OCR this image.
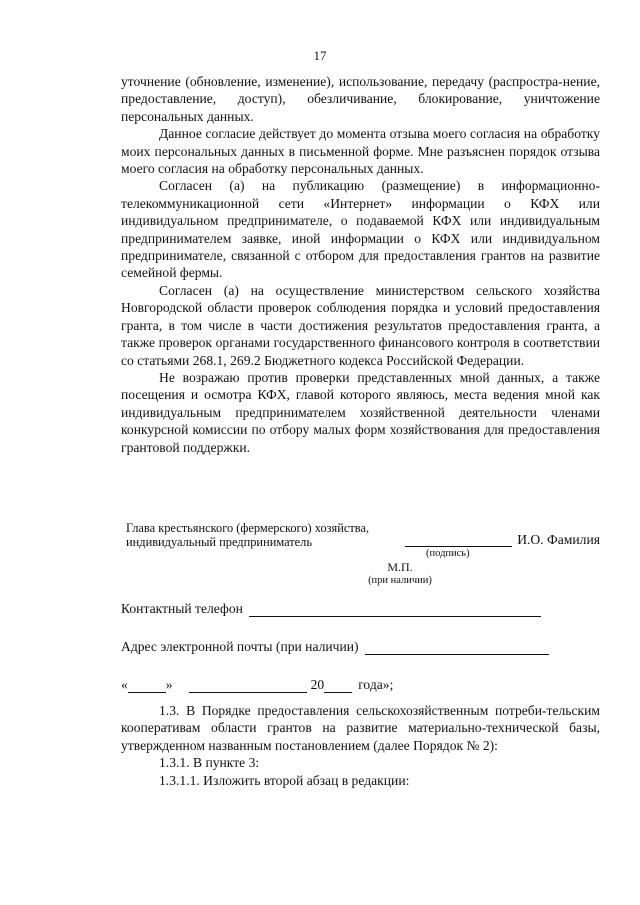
17

уточнение (обновление, изменение), использование, передачу (распростра-нение, предоставление, доступ), обезличивание, блокирование, уничтожение персональных данных.

Данное согласие действует до момента отзыва моего согласия на обработку моих персональных данных в письменной форме. Мне разъяснен порядок отзыва моего согласия на обработку персональных данных.

Согласен (а) на публикацию (размещение) в информационно-телекоммуникационной сети «Интернет» информации о КФХ или индивидуальном предпринимателе, о подаваемой КФХ или индивидуальным предпринимателем заявке, иной информации о КФХ или индивидуальном предпринимателе, связанной с отбором для предоставления грантов на развитие семейной фермы.

Согласен (а) на осуществление министерством сельского хозяйства Новгородской области проверок соблюдения порядка и условий предоставления гранта, в том числе в части достижения результатов предоставления гранта, а также проверок органами государственного финансового контроля в соответствии со статьями 268.1, 269.2 Бюджетного кодекса Российской Федерации.

Не возражаю против проверки представленных мной данных, а также посещения и осмотра КФХ, главой которого являюсь, места ведения мной как индивидуальным предпринимателем хозяйственной деятельности членами конкурсной комиссии по отбору малых форм хозяйствования для предоставления грантовой поддержки.

Глава крестьянского (фермерского) хозяйства,
индивидуальный предприниматель
(подпись)
И.О. Фамилия
М.П.
(при наличии)
Контактный телефон
Адрес электронной почты (при наличии)
«	»	20	года»;

1.3. В Порядке предоставления сельскохозяйственным потреби-тельским кооперативам области грантов на развитие материально-технической базы, утвержденном названным постановлением (далее Порядок № 2):

1.3.1. В пункте 3:

1.3.1.1. Изложить второй абзац в редакции:
